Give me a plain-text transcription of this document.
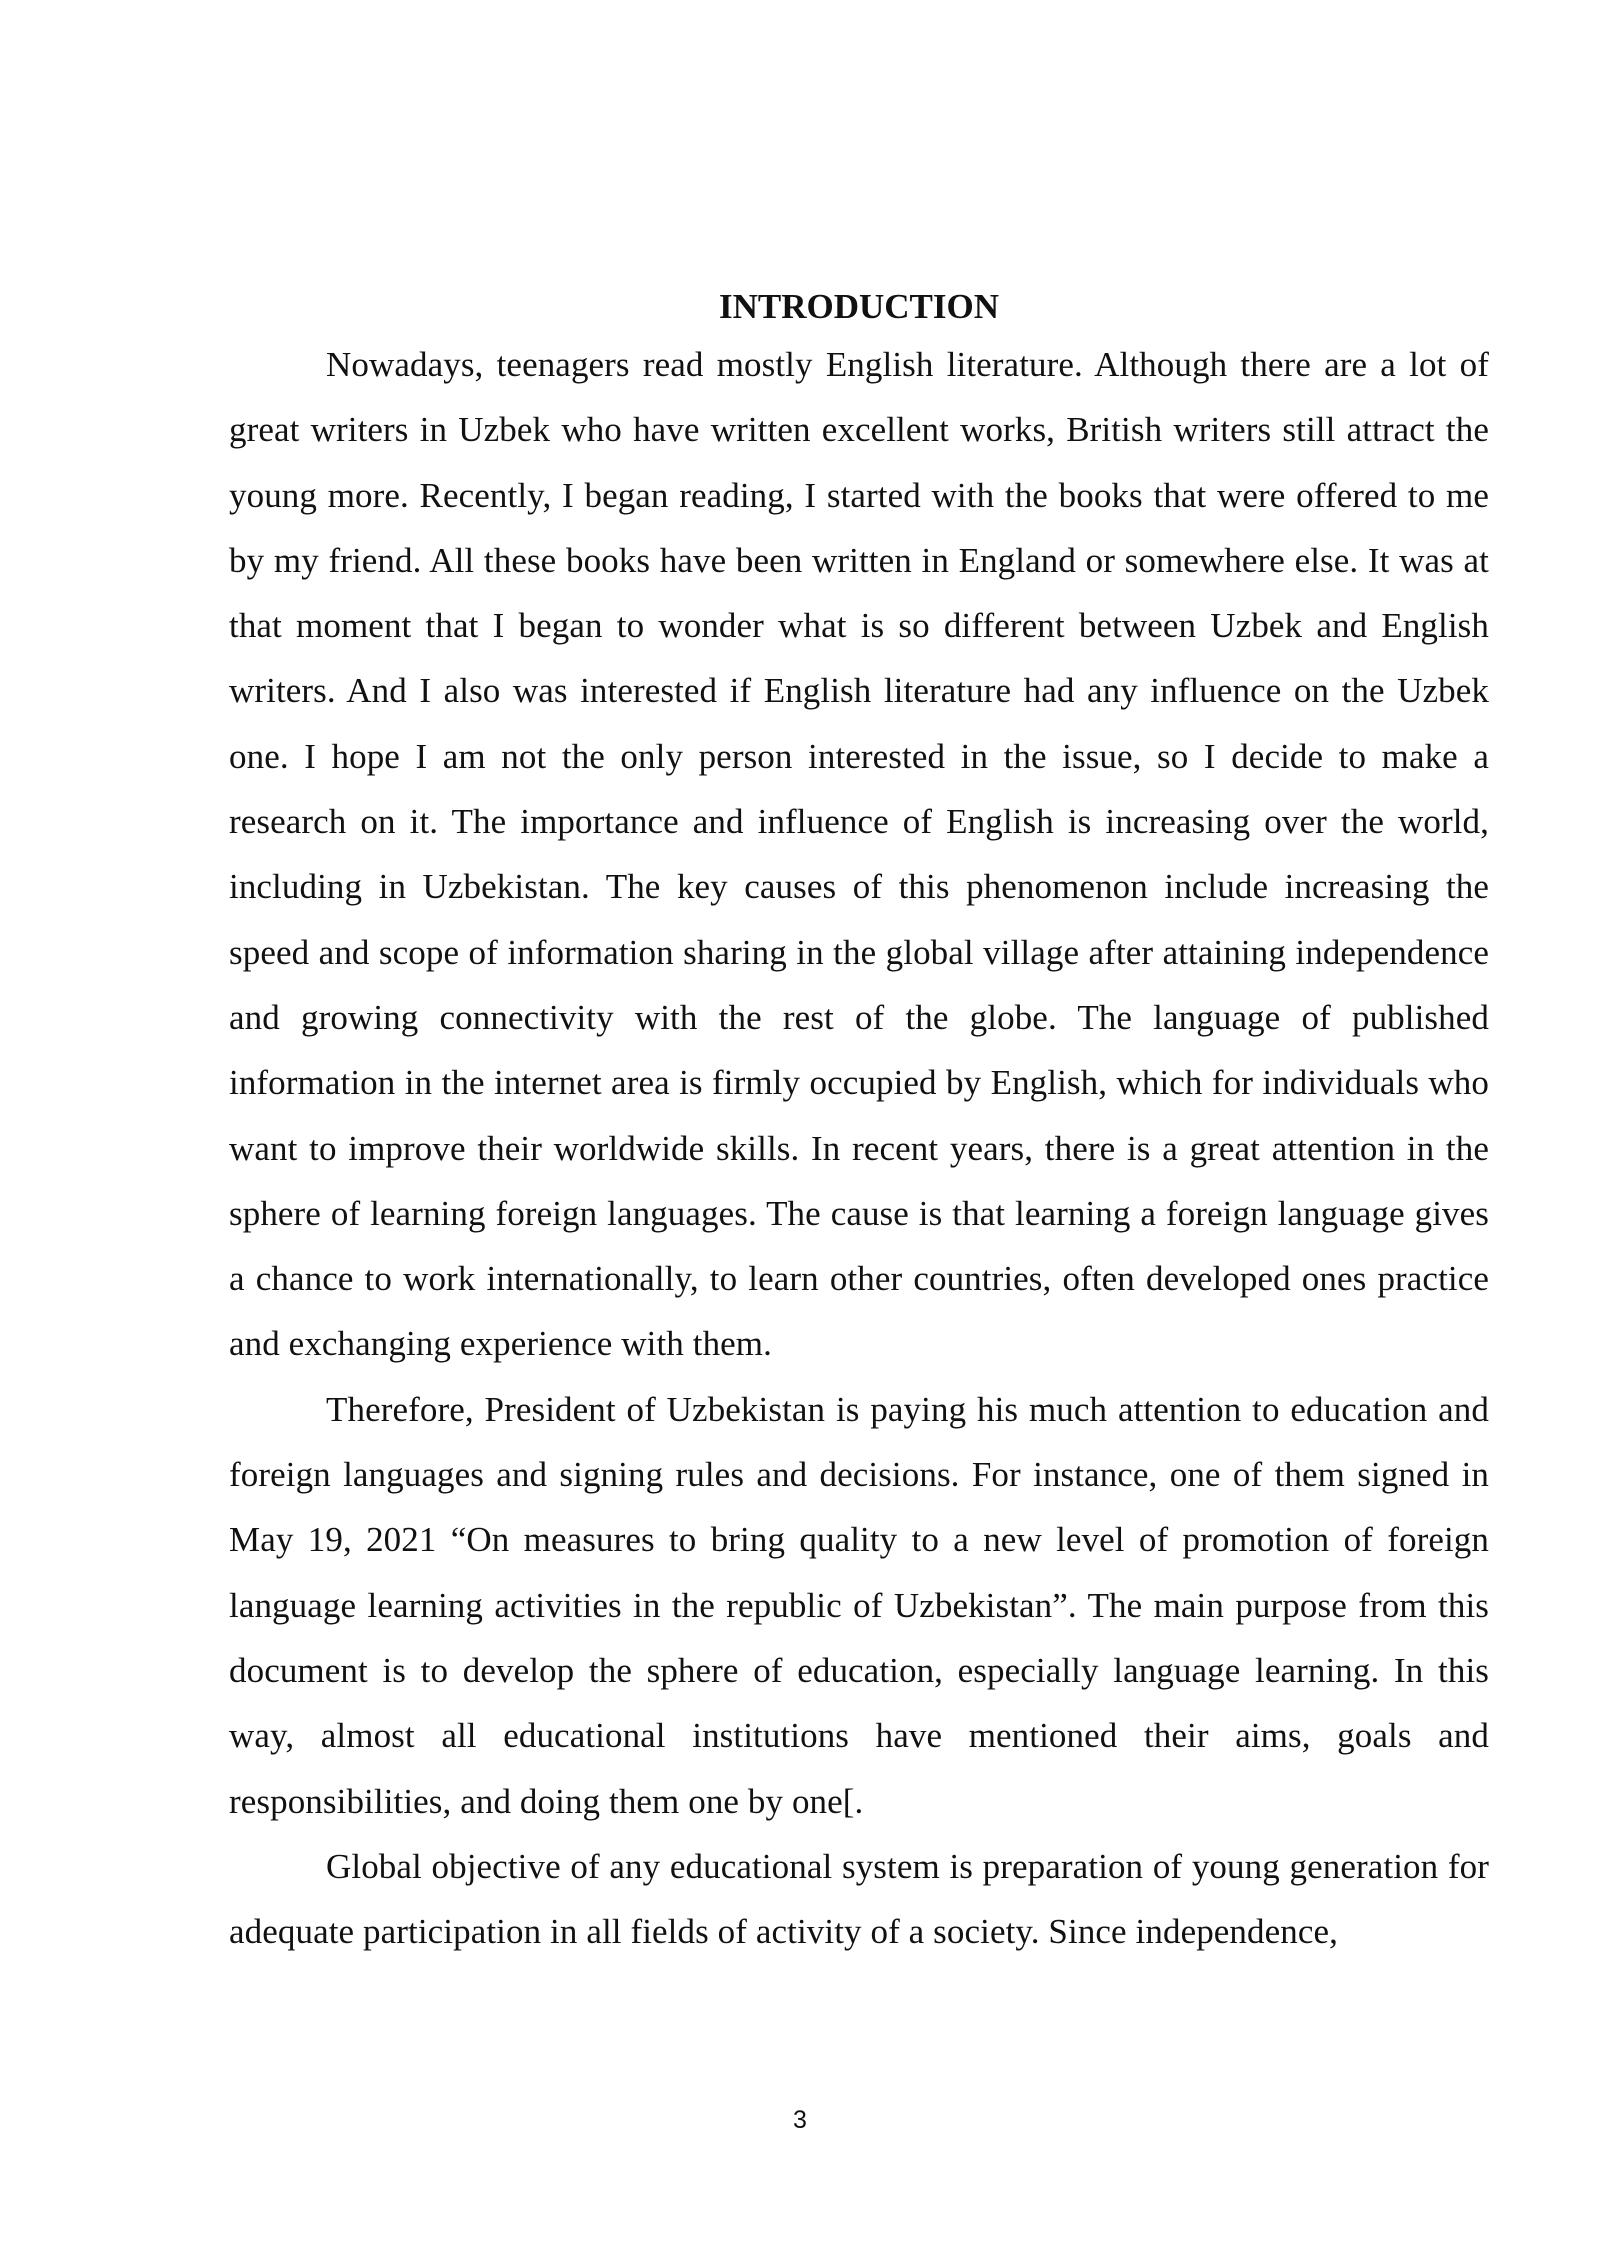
INTRODUCTION

Nowadays, teenagers read mostly English literature. Although there are a lot of great writers in Uzbek who have written excellent works, British writers still attract the young more. Recently, I began reading, I started with the books that were offered to me by my friend. All these books have been written in England or somewhere else. It was at that moment that I began to wonder what is so different between Uzbek and English writers. And I also was interested if English literature had any influence on the Uzbek one. I hope I am not the only person interested in the issue, so I decide to make a research on it. The importance and influence of English is increasing over the world, including in Uzbekistan. The key causes of this phenomenon include increasing the speed and scope of information sharing in the global village after attaining independence and growing connectivity with the rest of the globe. The language of published information in the internet area is firmly occupied by English, which for individuals who want to improve their worldwide skills. In recent years, there is a great attention in the sphere of learning foreign languages. The cause is that learning a foreign language gives a chance to work internationally, to learn other countries, often developed ones practice and exchanging experience with them.

Therefore, President of Uzbekistan is paying his much attention to education and foreign languages and signing rules and decisions. For instance, one of them signed in May 19, 2021 “On measures to bring quality to a new level of promotion of foreign language learning activities in the republic of Uzbekistan”. The main purpose from this document is to develop the sphere of education, especially language learning. In this way, almost all educational institutions have mentioned their aims, goals and responsibilities, and doing them one by one[.

Global objective of any educational system is preparation of young generation for adequate participation in all fields of activity of a society. Since independence,

3
